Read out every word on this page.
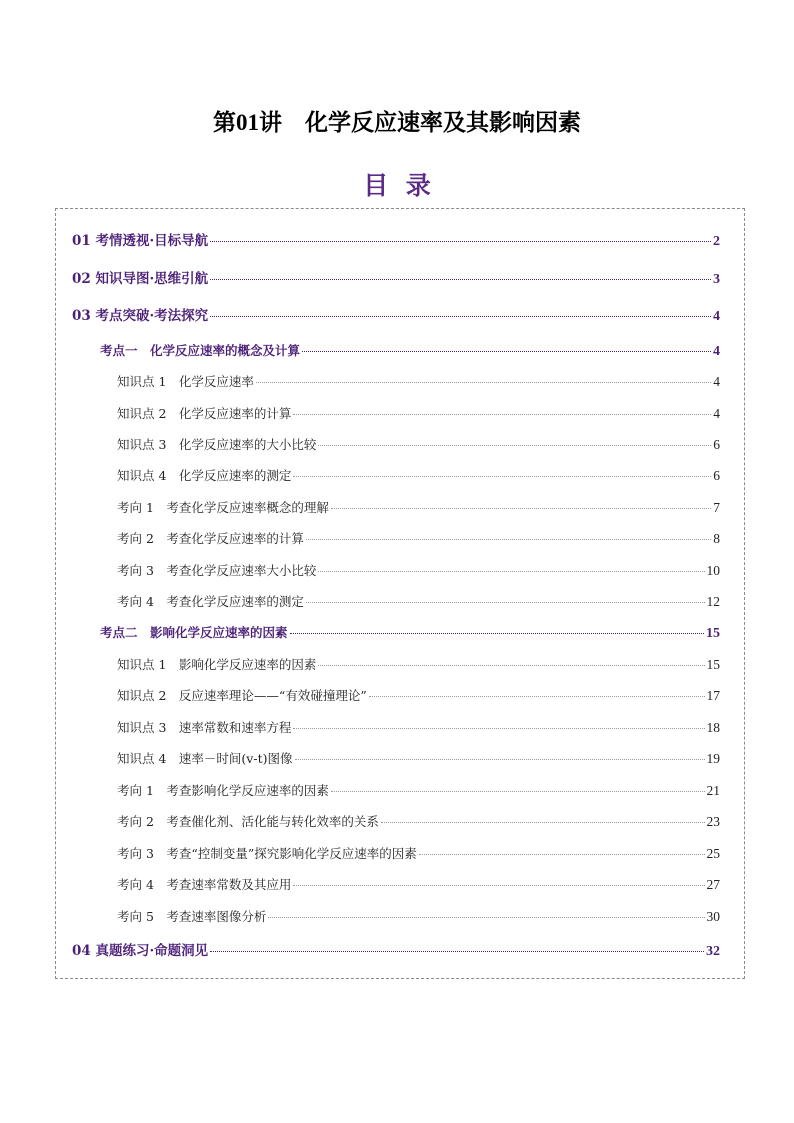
第01讲　化学反应速率及其影响因素
目  录
01 考情透视·目标导航	2
02 知识导图·思维引航	3
03 考点突破·考法探究	4
考点一　化学反应速率的概念及计算	4
知识点 1　化学反应速率	4
知识点 2　化学反应速率的计算	4
知识点 3　化学反应速率的大小比较	6
知识点 4　化学反应速率的测定	6
考向 1　考查化学反应速率概念的理解	7
考向 2　考查化学反应速率的计算	8
考向 3　考查化学反应速率大小比较	10
考向 4　考查化学反应速率的测定	12
考点二　影响化学反应速率的因素	15
知识点 1　影响化学反应速率的因素	15
知识点 2　反应速率理论——“有效碰撞理论”	17
知识点 3　速率常数和速率方程	18
知识点 4　速率－时间(v-t)图像	19
考向 1　考查影响化学反应速率的因素	21
考向 2　考查催化剂、活化能与转化效率的关系	23
考向 3　考查“控制变量”探究影响化学反应速率的因素	25
考向 4　考查速率常数及其应用	27
考向 5　考查速率图像分析	30
04 真题练习·命题洞见	32
